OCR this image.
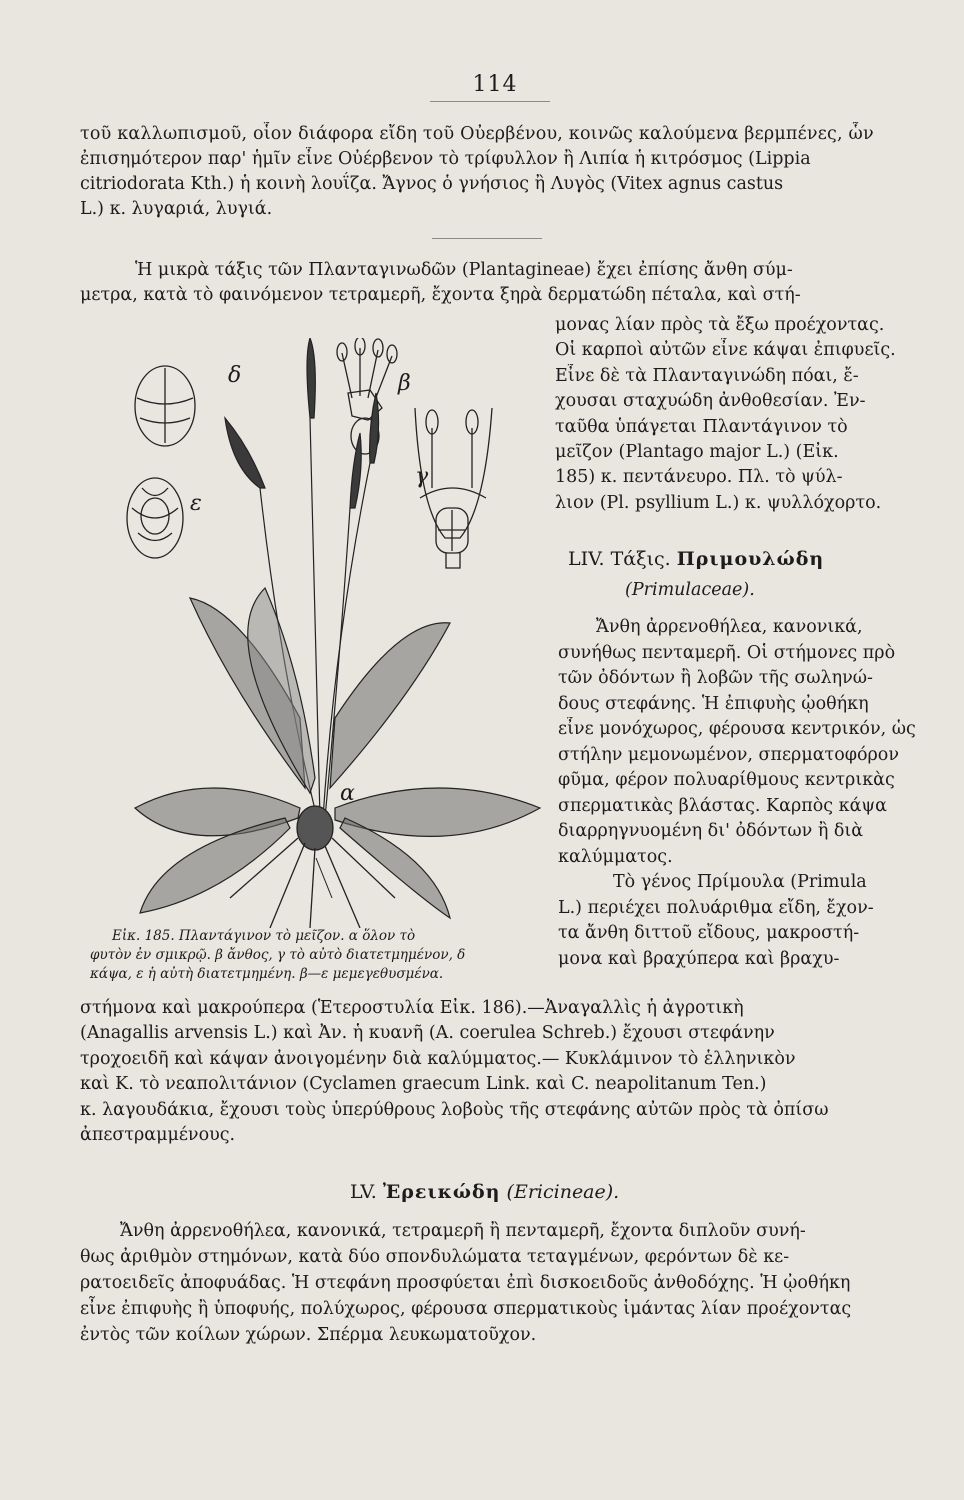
114
τοῦ καλλωπισμοῦ, οἷον διάφορα εἴδη τοῦ Οὐερβένου, κοινῶς καλούμενα βερμπένες, ὧν
ἐπισημότερον παρ' ἡμῖν εἶνε Οὐέρβενον τὸ τρίφυλλον ἢ Λιπία ἡ κιτρόσμος (Lippia
citriodorata Kth.) ἡ κοινὴ λουΐζα. Ἄγνος ὁ γνήσιος ἢ Λυγὸς (Vitex agnus castus
L.) κ. λυγαριά, λυγιά.
Ἡ μικρὰ τάξις τῶν Πλανταγινωδῶν (Plantagineae) ἔχει ἐπίσης ἄνθη σύμ-
μετρα, κατὰ τὸ φαινόμενον τετραμερῆ, ἔχοντα ξηρὰ δερματώδη πέταλα, καὶ στή-
μονας λίαν πρὸς τὰ ἔξω προέχοντας.
Οἱ καρποὶ αὐτῶν εἶνε κάψαι ἐπιφυεῖς.
Εἶνε δὲ τὰ Πλανταγινώδη πόαι, ἔ-
χουσαι σταχυώδη ἀνθοθεσίαν. Ἐν-
ταῦθα ὑπάγεται Πλαντάγινον τὸ
μεῖζον (Plantago major L.) (Εἰκ.
185) κ. πεντάνευρο. Πλ. τὸ ψύλ-
λιον (Pl. psyllium L.) κ. ψυλλόχορτο.
LIV. Τάξις. Πριμουλώδη
(Primulaceae).
Ἄνθη ἀρρενοθήλεα, κανονικά,
συνήθως πενταμερῆ. Οἱ στήμονες πρὸ
τῶν ὀδόντων ἢ λοβῶν τῆς σωληνώ-
δους στεφάνης. Ἡ ἐπιφυὴς ᾠοθήκη
εἶνε μονόχωρος, φέρουσα κεντρικόν, ὡς
στήλην μεμονωμένον, σπερματοφόρον
φῦμα, φέρον πολυαρίθμους κεντρικὰς
σπερματικὰς βλάστας. Καρπὸς κάψα
διαρρηγνυομένη δι' ὀδόντων ἢ διὰ
καλύμματος.
Τὸ γένος Πρίμουλα (Primula
L.) περιέχει πολυάριθμα εἴδη, ἔχον-
τα ἄνθη διττοῦ εἴδους, μακροστή-
μονα καὶ βραχύπερα καὶ βραχυ-
δ	β
γ
ε
α
Εἰκ. 185. Πλαντάγινον τὸ μεῖζον. α ὅλον τὸ
φυτὸν ἐν σμικρῷ. β ἄνθος, γ τὸ αὐτὸ διατετμημένον, δ
κάψα, ε ἡ αὐτὴ διατετμημένη. β—ε μεμεγεθυσμένα.
στήμονα καὶ μακρούπερα (Ἑτεροστυλία Εἰκ. 186).—Ἀναγαλλὶς ἡ ἀγροτικὴ
(Anagallis arvensis L.) καὶ Ἀν. ἡ κυανῆ (A. coerulea Schreb.) ἔχουσι στεφάνην
τροχοειδῆ καὶ κάψαν ἀνοιγομένην διὰ καλύμματος.— Κυκλάμινον τὸ ἑλληνικὸν
καὶ Κ. τὸ νεαπολιτάνιον (Cyclamen graecum Link. καὶ C. neapolitanum Ten.)
κ. λαγουδάκια, ἔχουσι τοὺς ὑπερύθρους λοβοὺς τῆς στεφάνης αὐτῶν πρὸς τὰ ὀπίσω
ἀπεστραμμένους.
LV. Ἐρεικώδη (Ericineae).
Ἄνθη ἀρρενοθήλεα, κανονικά, τετραμερῆ ἢ πενταμερῆ, ἔχοντα διπλοῦν συνή-
θως ἀριθμὸν στημόνων, κατὰ δύο σπονδυλώματα τεταγμένων, φερόντων δὲ κε-
ρατοειδεῖς ἀποφυάδας. Ἡ στεφάνη προσφύεται ἐπὶ δισκοειδοῦς ἀνθοδόχης. Ἡ ᾠοθήκη
εἶνε ἐπιφυὴς ἢ ὑποφυής, πολύχωρος, φέρουσα σπερματικοὺς ἱμάντας λίαν προέχοντας
ἐντὸς τῶν κοίλων χώρων. Σπέρμα λευκωματοῦχον.
